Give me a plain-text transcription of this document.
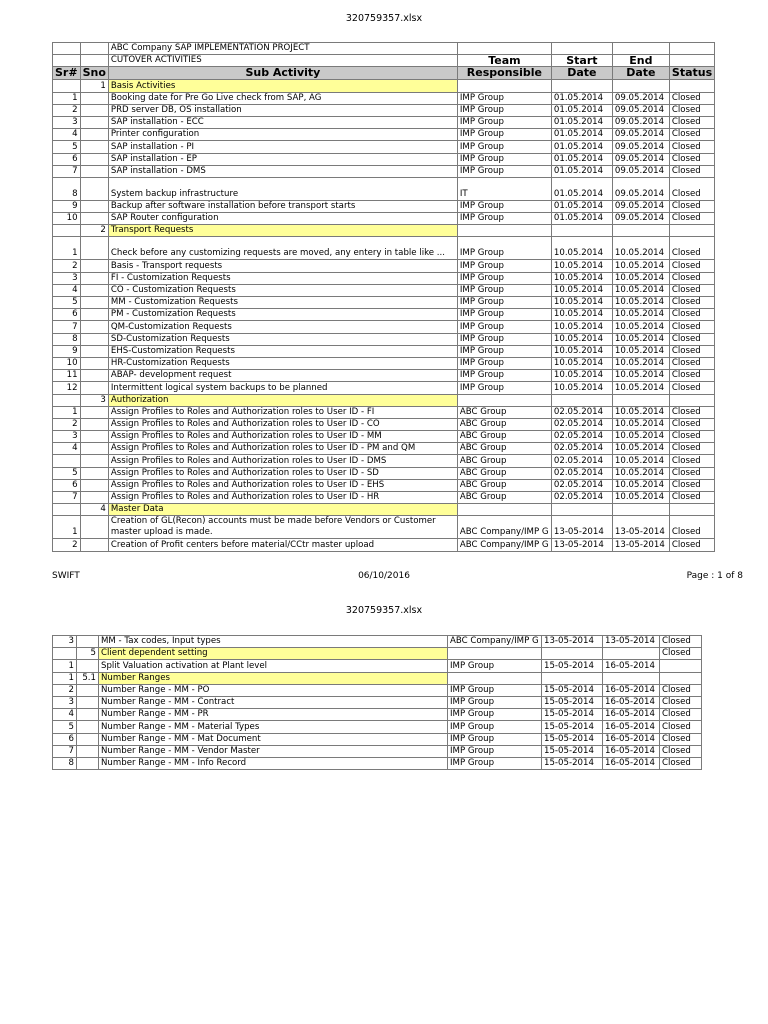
320759357.xlsx
		ABC Company SAP IMPLEMENTATION PROJECT				
		CUTOVER ACTIVITIES	Team	Start	End	
Sr#	Sno	Sub Activity	Responsible	Date	Date	Status
	1	Basis Activities				
1		Booking date for Pre Go Live check from SAP, AG	IMP Group	01.05.2014	09.05.2014	Closed
2		PRD server DB, OS installation	IMP Group	01.05.2014	09.05.2014	Closed
3		SAP installation - ECC	IMP Group	01.05.2014	09.05.2014	Closed
4		Printer configuration	IMP Group	01.05.2014	09.05.2014	Closed
5		SAP installation - PI	IMP Group	01.05.2014	09.05.2014	Closed
6		SAP installation - EP	IMP Group	01.05.2014	09.05.2014	Closed
7		SAP installation - DMS	IMP Group	01.05.2014	09.05.2014	Closed
8		System backup infrastructure	IT	01.05.2014	09.05.2014	Closed
9		Backup after software installation before transport starts	IMP Group	01.05.2014	09.05.2014	Closed
10		SAP Router configuration	IMP Group	01.05.2014	09.05.2014	Closed
	2	Transport Requests				
1		Check before any customizing requests are moved, any entery in table like ...	IMP Group	10.05.2014	10.05.2014	Closed
2		Basis - Transport requests	IMP Group	10.05.2014	10.05.2014	Closed
3		FI - Customization Requests	IMP Group	10.05.2014	10.05.2014	Closed
4		CO - Customization Requests	IMP Group	10.05.2014	10.05.2014	Closed
5		MM - Customization Requests	IMP Group	10.05.2014	10.05.2014	Closed
6		PM - Customization Requests	IMP Group	10.05.2014	10.05.2014	Closed
7		QM-Customization Requests	IMP Group	10.05.2014	10.05.2014	Closed
8		SD-Customization Requests	IMP Group	10.05.2014	10.05.2014	Closed
9		EHS-Customization Requests	IMP Group	10.05.2014	10.05.2014	Closed
10		HR-Customization Requests	IMP Group	10.05.2014	10.05.2014	Closed
11		ABAP- development request	IMP Group	10.05.2014	10.05.2014	Closed
12		Intermittent logical system backups to be planned	IMP Group	10.05.2014	10.05.2014	Closed
	3	Authorization				
1		Assign Profiles to Roles and Authorization roles to User ID - FI	ABC Group	02.05.2014	10.05.2014	Closed
2		Assign Profiles to Roles and Authorization roles to User ID - CO	ABC Group	02.05.2014	10.05.2014	Closed
3		Assign Profiles to Roles and Authorization roles to User ID - MM	ABC Group	02.05.2014	10.05.2014	Closed
4		Assign Profiles to Roles and Authorization roles to User ID - PM and QM	ABC Group	02.05.2014	10.05.2014	Closed
		Assign Profiles to Roles and Authorization roles to User ID - DMS	ABC Group	02.05.2014	10.05.2014	Closed
5		Assign Profiles to Roles and Authorization roles to User ID - SD	ABC Group	02.05.2014	10.05.2014	Closed
6		Assign Profiles to Roles and Authorization roles to User ID - EHS	ABC Group	02.05.2014	10.05.2014	Closed
7		Assign Profiles to Roles and Authorization roles to User ID - HR	ABC Group	02.05.2014	10.05.2014	Closed
	4	Master Data				
1		Creation of GL(Recon) accounts must be made before Vendors or Customer master upload is made.	ABC Company/IMP G	13-05-2014	13-05-2014	Closed
2		Creation of Profit centers before material/CCtr master upload	ABC Company/IMP G	13-05-2014	13-05-2014	Closed
SWIFT	06/10/2016	Page : 1 of 8
320759357.xlsx
3		MM - Tax codes, Input types	ABC Company/IMP G	13-05-2014	13-05-2014	Closed
	5	Client dependent setting				Closed
1		Split Valuation activation at Plant level	IMP Group	15-05-2014	16-05-2014	
1	5.1	Number Ranges				
2		Number Range - MM - PO	IMP Group	15-05-2014	16-05-2014	Closed
3		Number Range - MM - Contract	IMP Group	15-05-2014	16-05-2014	Closed
4		Number Range - MM - PR	IMP Group	15-05-2014	16-05-2014	Closed
5		Number Range - MM - Material Types	IMP Group	15-05-2014	16-05-2014	Closed
6		Number Range - MM - Mat Document	IMP Group	15-05-2014	16-05-2014	Closed
7		Number Range - MM - Vendor Master	IMP Group	15-05-2014	16-05-2014	Closed
8		Number Range - MM - Info Record	IMP Group	15-05-2014	16-05-2014	Closed
